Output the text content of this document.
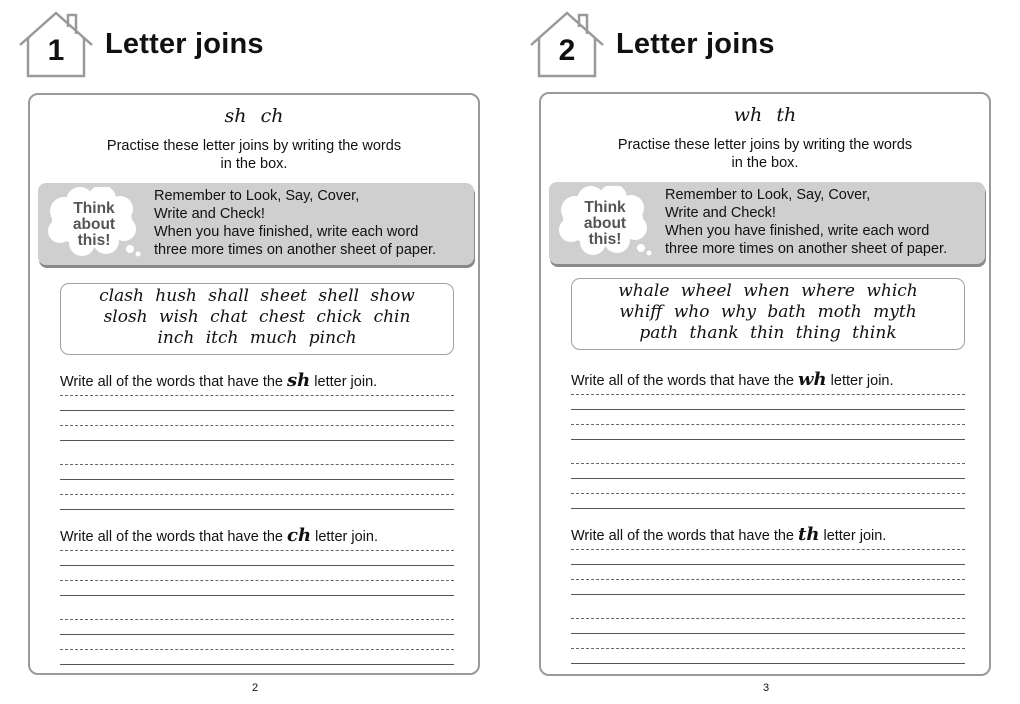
1	Letter joins
sh ch
Practise these letter joins by writing the words
in the box.
Think
about
this!
Remember to Look, Say, Cover,
Write and Check!
When you have finished, write each word
three more times on another sheet of paper.
clash hush shall sheet shell show
slosh wish chat chest chick chin
inch itch much pinch
Write all of the words that have the sh letter join.
Write all of the words that have the ch letter join.
2
2	Letter joins
wh th
Practise these letter joins by writing the words
in the box.
Think
about
this!
Remember to Look, Say, Cover,
Write and Check!
When you have finished, write each word
three more times on another sheet of paper.
whale wheel when where which
whiff who why bath moth myth
path thank thin thing think
Write all of the words that have the wh letter join.
Write all of the words that have the th letter join.
3
